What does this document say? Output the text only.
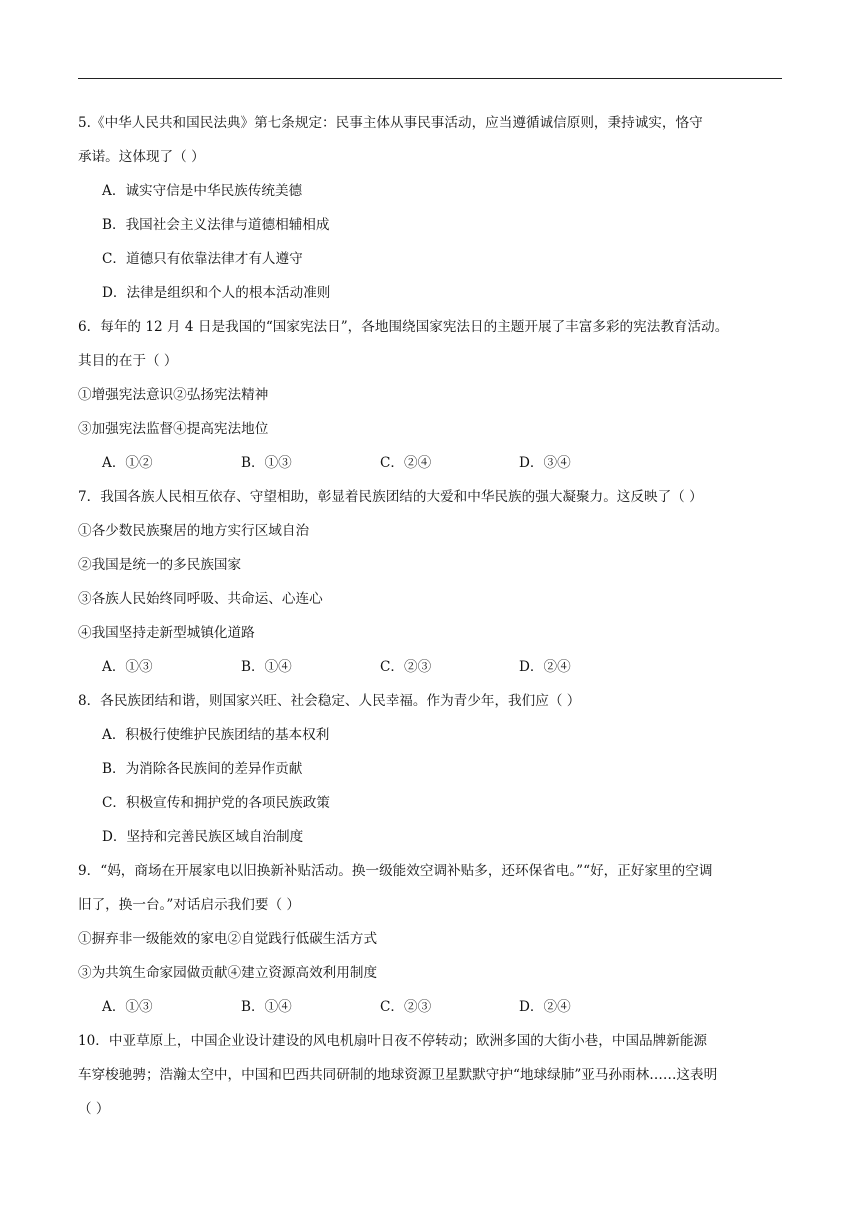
5.《中华人民共和国民法典》第七条规定：民事主体从事民事活动，应当遵循诚信原则，秉持诚实，恪守
承诺。这体现了（ ）
A．诚实守信是中华民族传统美德
B．我国社会主义法律与道德相辅相成
C．道德只有依靠法律才有人遵守
D．法律是组织和个人的根本活动准则
6．每年的 12 月 4 日是我国的“国家宪法日”，各地围绕国家宪法日的主题开展了丰富多彩的宪法教育活动。
其目的在于（ ）
①增强宪法意识②弘扬宪法精神
③加强宪法监督④提高宪法地位
A．①②	B．①③	C．②④	D．③④
7．我国各族人民相互依存、守望相助，彰显着民族团结的大爱和中华民族的强大凝聚力。这反映了（ ）
①各少数民族聚居的地方实行区域自治
②我国是统一的多民族国家
③各族人民始终同呼吸、共命运、心连心
④我国坚持走新型城镇化道路
A．①③	B．①④	C．②③	D．②④
8．各民族团结和谐，则国家兴旺、社会稳定、人民幸福。作为青少年，我们应（ ）
A．积极行使维护民族团结的基本权利
B．为消除各民族间的差异作贡献
C．积极宣传和拥护党的各项民族政策
D．坚持和完善民族区域自治制度
9．“妈，商场在开展家电以旧换新补贴活动。换一级能效空调补贴多，还环保省电。”“好，正好家里的空调
旧了，换一台。”对话启示我们要（ ）
①摒弃非一级能效的家电②自觉践行低碳生活方式
③为共筑生命家园做贡献④建立资源高效利用制度
A．①③	B．①④	C．②③	D．②④
10．中亚草原上，中国企业设计建设的风电机扇叶日夜不停转动；欧洲多国的大街小巷，中国品牌新能源
车穿梭驰骋；浩瀚太空中，中国和巴西共同研制的地球资源卫星默默守护“地球绿肺”亚马孙雨林……这表明
（ ）
